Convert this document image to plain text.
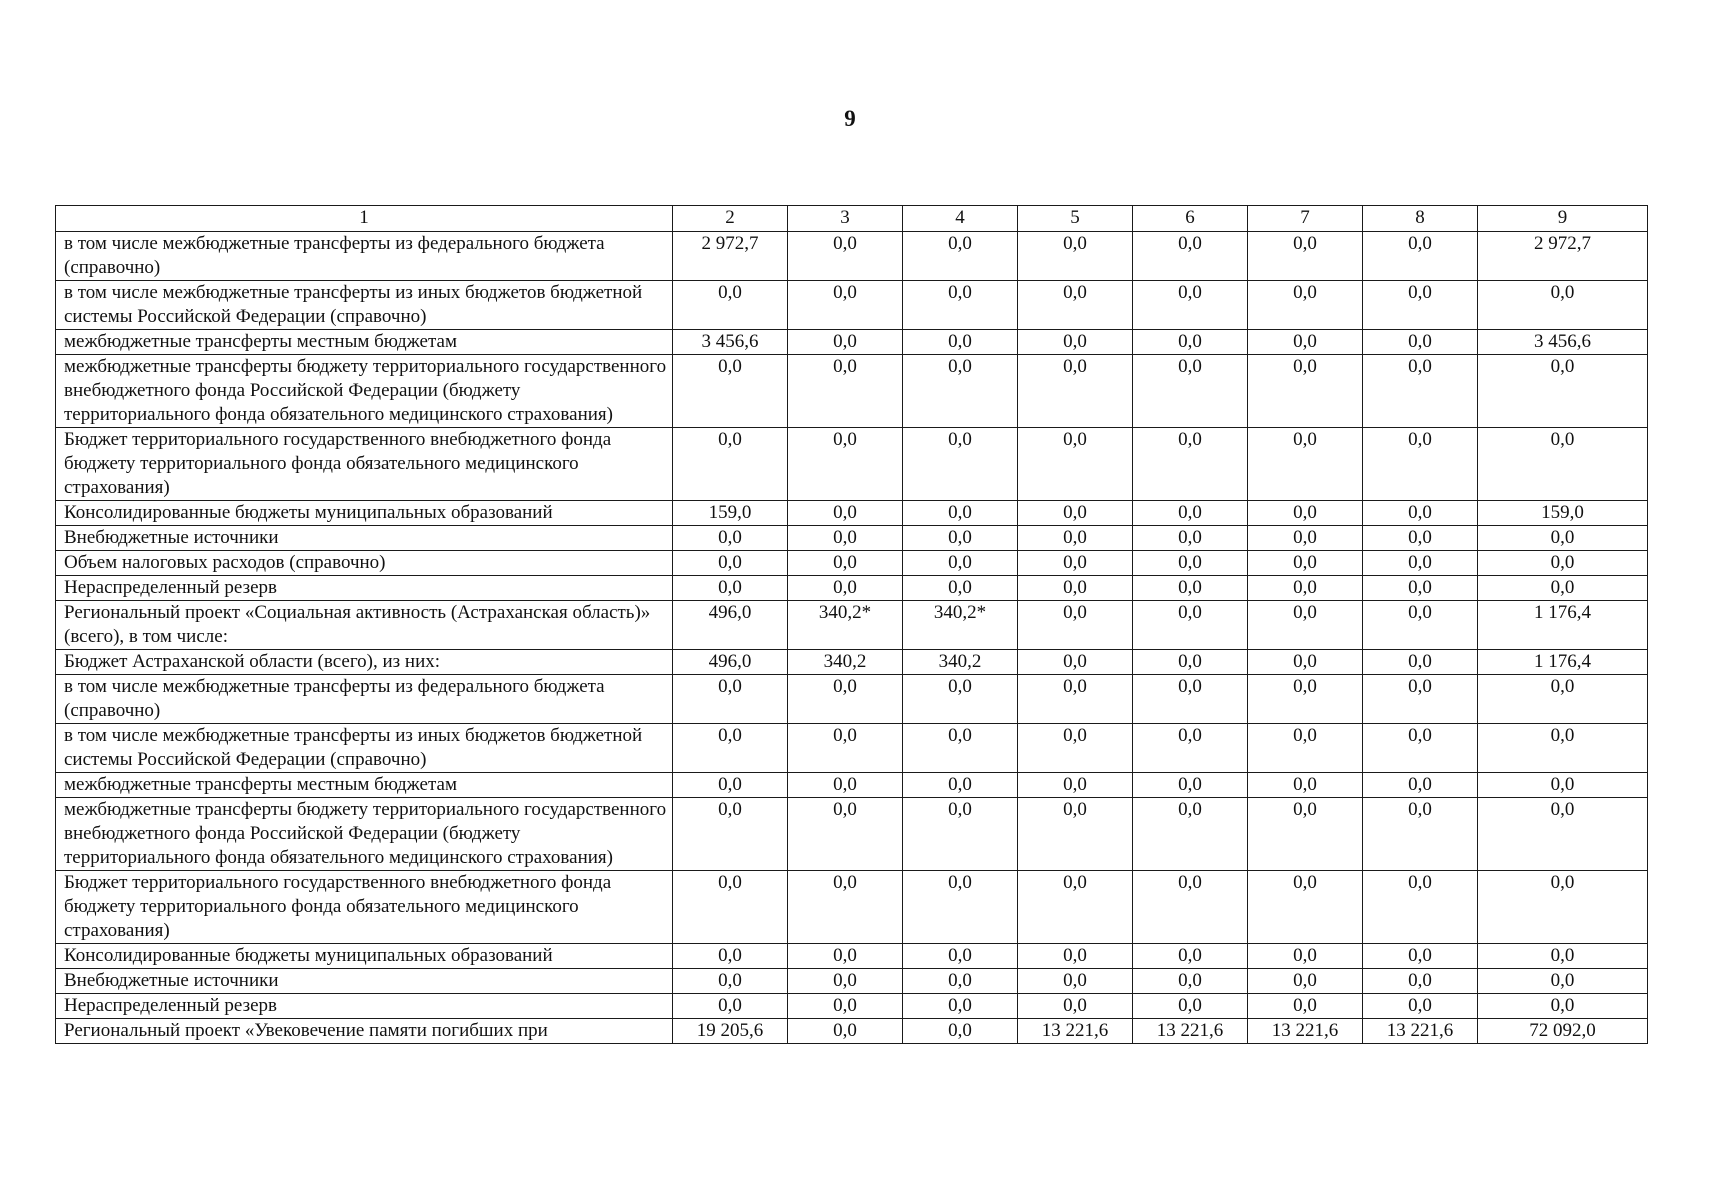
9
1	2	3	4	5	6	7	8	9
в том числе межбюджетные трансферты из федерального бюджета (справочно)	2 972,7	0,0	0,0	0,0	0,0	0,0	0,0	2 972,7
в том числе межбюджетные трансферты из иных бюджетов бюджетной системы Российской Федерации (справочно)	0,0	0,0	0,0	0,0	0,0	0,0	0,0	0,0
межбюджетные трансферты местным бюджетам	3 456,6	0,0	0,0	0,0	0,0	0,0	0,0	3 456,6
межбюджетные трансферты бюджету территориального государственного внебюджетного фонда Российской Федерации (бюджету территориального фонда обязательного медицинского страхования)	0,0	0,0	0,0	0,0	0,0	0,0	0,0	0,0
Бюджет территориального государственного внебюджетного фонда бюджету территориального фонда обязательного медицинского страхования)	0,0	0,0	0,0	0,0	0,0	0,0	0,0	0,0
Консолидированные бюджеты муниципальных образований	159,0	0,0	0,0	0,0	0,0	0,0	0,0	159,0
Внебюджетные источники	0,0	0,0	0,0	0,0	0,0	0,0	0,0	0,0
Объем налоговых расходов (справочно)	0,0	0,0	0,0	0,0	0,0	0,0	0,0	0,0
Нераспределенный резерв	0,0	0,0	0,0	0,0	0,0	0,0	0,0	0,0
Региональный проект «Социальная активность (Астраханская область)» (всего), в том числе:	496,0	340,2*	340,2*	0,0	0,0	0,0	0,0	1 176,4
Бюджет Астраханской области (всего), из них:	496,0	340,2	340,2	0,0	0,0	0,0	0,0	1 176,4
в том числе межбюджетные трансферты из федерального бюджета (справочно)	0,0	0,0	0,0	0,0	0,0	0,0	0,0	0,0
в том числе межбюджетные трансферты из иных бюджетов бюджетной системы Российской Федерации (справочно)	0,0	0,0	0,0	0,0	0,0	0,0	0,0	0,0
межбюджетные трансферты местным бюджетам	0,0	0,0	0,0	0,0	0,0	0,0	0,0	0,0
межбюджетные трансферты бюджету территориального государственного внебюджетного фонда Российской Федерации (бюджету территориального фонда обязательного медицинского страхования)	0,0	0,0	0,0	0,0	0,0	0,0	0,0	0,0
Бюджет территориального государственного внебюджетного фонда бюджету территориального фонда обязательного медицинского страхования)	0,0	0,0	0,0	0,0	0,0	0,0	0,0	0,0
Консолидированные бюджеты муниципальных образований	0,0	0,0	0,0	0,0	0,0	0,0	0,0	0,0
Внебюджетные источники	0,0	0,0	0,0	0,0	0,0	0,0	0,0	0,0
Нераспределенный резерв	0,0	0,0	0,0	0,0	0,0	0,0	0,0	0,0
Региональный проект «Увековечение памяти погибших при	19 205,6	0,0	0,0	13 221,6	13 221,6	13 221,6	13 221,6	72 092,0
